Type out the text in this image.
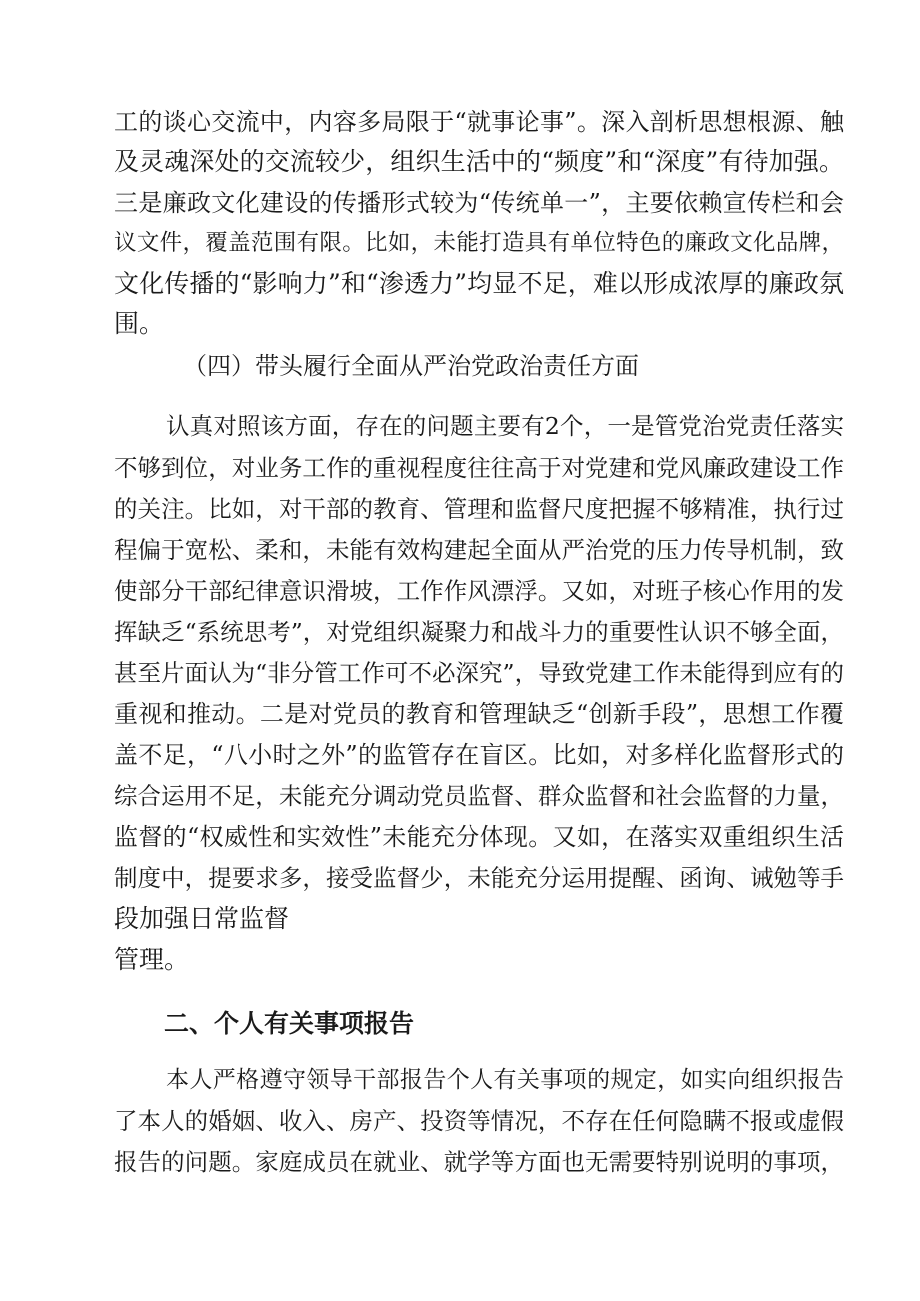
工的谈心交流中，内容多局限于“就事论事”。深入剖析思想根源、触
及灵魂深处的交流较少，组织生活中的“频度”和“深度”有待加强。
三是廉政文化建设的传播形式较为“传统单一”，主要依赖宣传栏和会
议文件，覆盖范围有限。比如，未能打造具有单位特色的廉政文化品牌，
文化传播的“影响力”和“渗透力”均显不足，难以形成浓厚的廉政氛
围。
（四）带头履行全面从严治党政治责任方面
认真对照该方面，存在的问题主要有2个，一是管党治党责任落实
不够到位，对业务工作的重视程度往往高于对党建和党风廉政建设工作
的关注。比如，对干部的教育、管理和监督尺度把握不够精准，执行过
程偏于宽松、柔和，未能有效构建起全面从严治党的压力传导机制，致
使部分干部纪律意识滑坡，工作作风漂浮。又如，对班子核心作用的发
挥缺乏“系统思考”，对党组织凝聚力和战斗力的重要性认识不够全面，
甚至片面认为“非分管工作可不必深究”，导致党建工作未能得到应有的
重视和推动。二是对党员的教育和管理缺乏“创新手段”，思想工作覆
盖不足，“八小时之外”的监管存在盲区。比如，对多样化监督形式的
综合运用不足，未能充分调动党员监督、群众监督和社会监督的力量，
监督的“权威性和实效性”未能充分体现。又如，在落实双重组织生活
制度中，提要求多，接受监督少，未能充分运用提醒、函询、诫勉等手
段加强日常监督
管理。
二、个人有关事项报告
本人严格遵守领导干部报告个人有关事项的规定，如实向组织报告
了本人的婚姻、收入、房产、投资等情况，不存在任何隐瞒不报或虚假
报告的问题。家庭成员在就业、就学等方面也无需要特别说明的事项，
